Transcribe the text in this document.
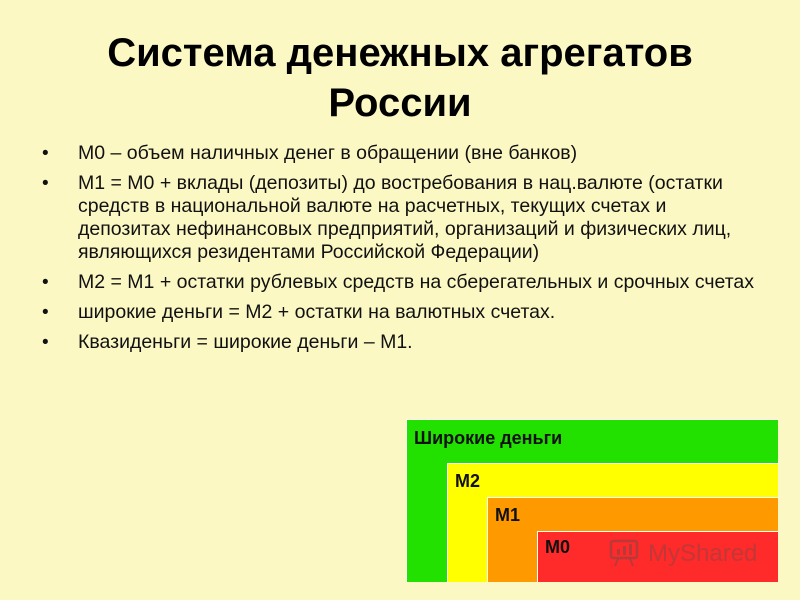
Система денежных агрегатов
России
• M0 – объем наличных денег в обращении (вне банков)
• M1 = M0 + вклады (депозиты) до востребования в нац.валюте (остатки средств в национальной валюте на расчетных, текущих счетах и депозитах нефинансовых предприятий, организаций и физических лиц, являющихся резидентами Российской Федерации)
• M2 = M1 + остатки рублевых средств на сберегательных и срочных счетах
• широкие деньги = M2 + остатки на валютных счетах.
• Квазиденьги = широкие деньги – M1.
Широкие деньги
M2
M1
M0	MyShared
